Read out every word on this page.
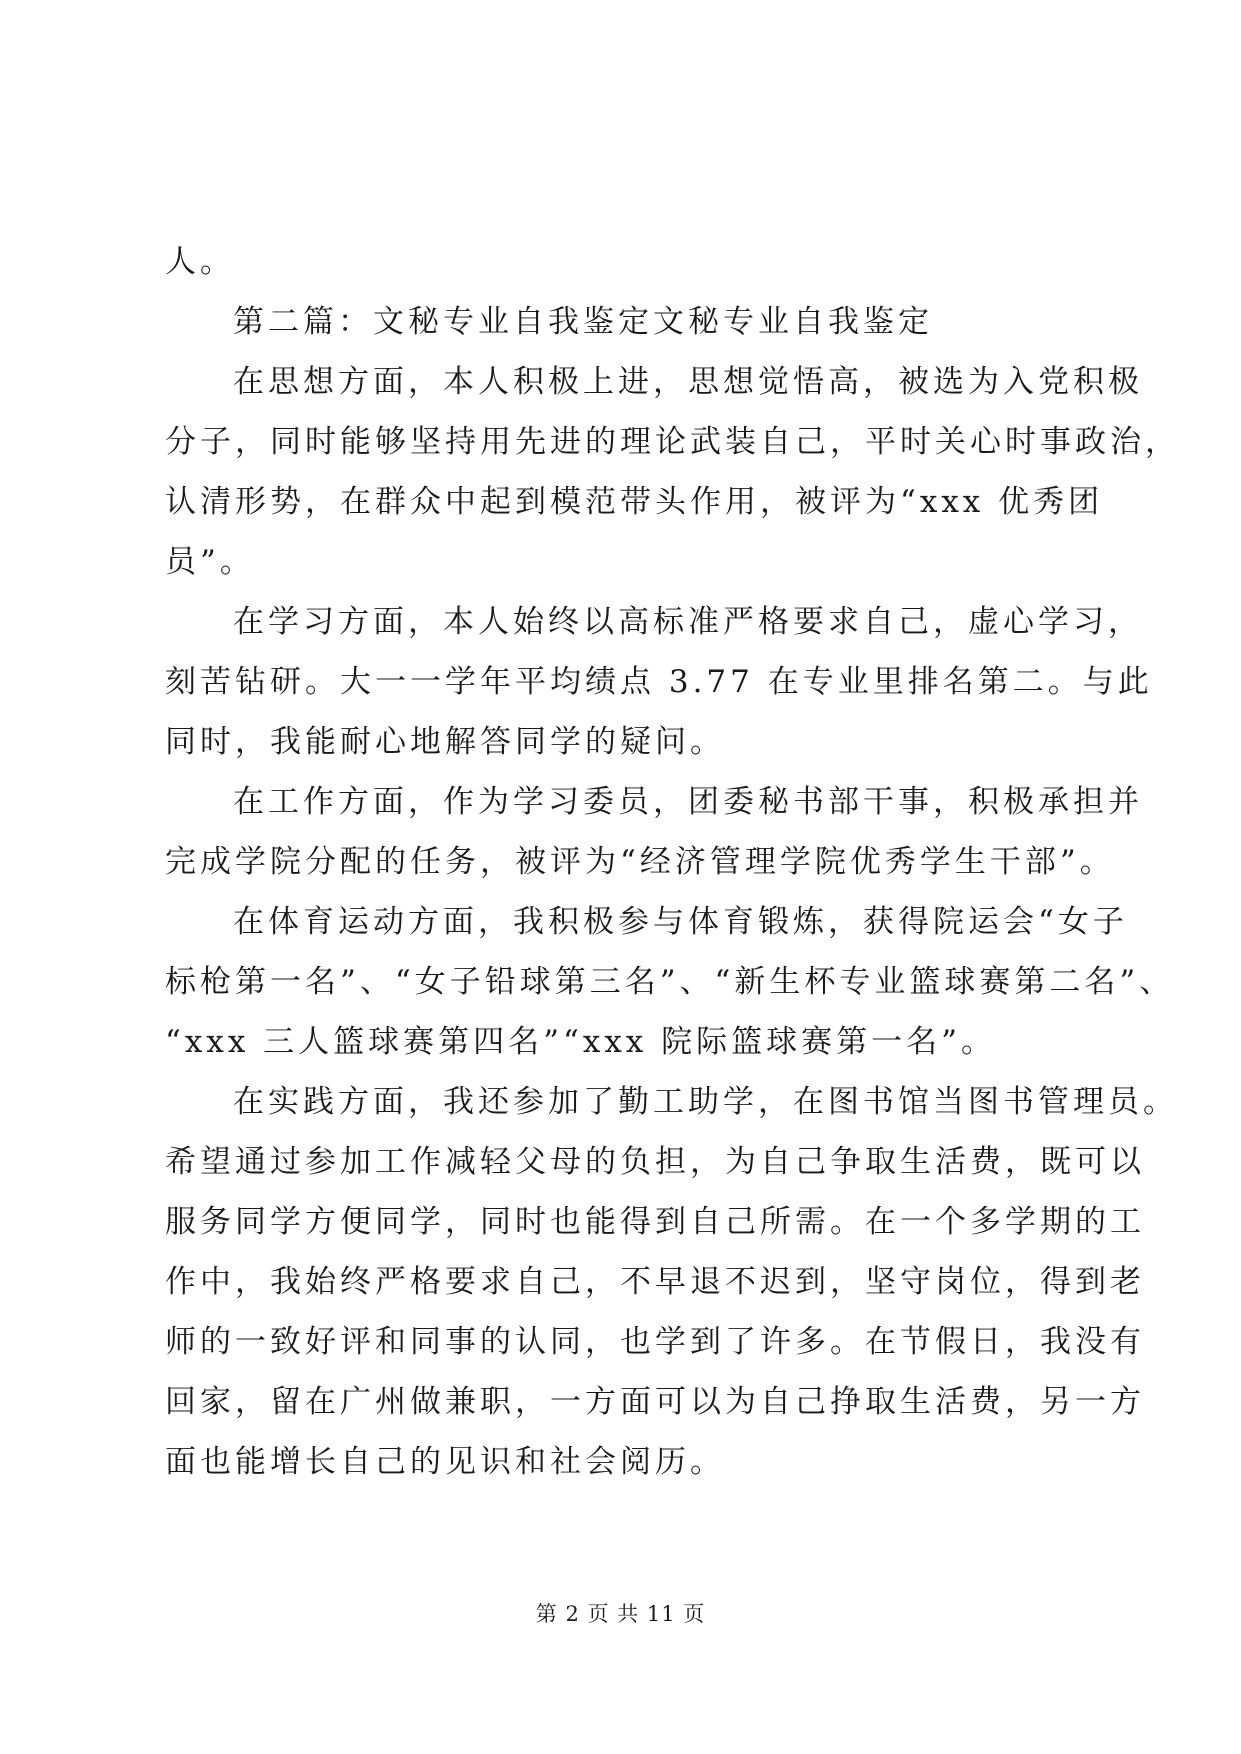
人。
第二篇：文秘专业自我鉴定文秘专业自我鉴定
在思想方面，本人积极上进，思想觉悟高，被选为入党积极
分子，同时能够坚持用先进的理论武装自己，平时关心时事政治，
认清形势，在群众中起到模范带头作用，被评为“xxx 优秀团
员”。
在学习方面，本人始终以高标准严格要求自己，虚心学习，
刻苦钻研。大一一学年平均绩点 3.77 在专业里排名第二。与此
同时，我能耐心地解答同学的疑问。
在工作方面，作为学习委员，团委秘书部干事，积极承担并
完成学院分配的任务，被评为“经济管理学院优秀学生干部”。
在体育运动方面，我积极参与体育锻炼，获得院运会“女子
标枪第一名”、“女子铅球第三名”、“新生杯专业篮球赛第二名”、
“xxx 三人篮球赛第四名”“xxx 院际篮球赛第一名”。
在实践方面，我还参加了勤工助学，在图书馆当图书管理员。
希望通过参加工作减轻父母的负担，为自己争取生活费，既可以
服务同学方便同学，同时也能得到自己所需。在一个多学期的工
作中，我始终严格要求自己，不早退不迟到，坚守岗位，得到老
师的一致好评和同事的认同，也学到了许多。在节假日，我没有
回家，留在广州做兼职，一方面可以为自己挣取生活费，另一方
面也能增长自己的见识和社会阅历。
第 2 页 共 11 页
